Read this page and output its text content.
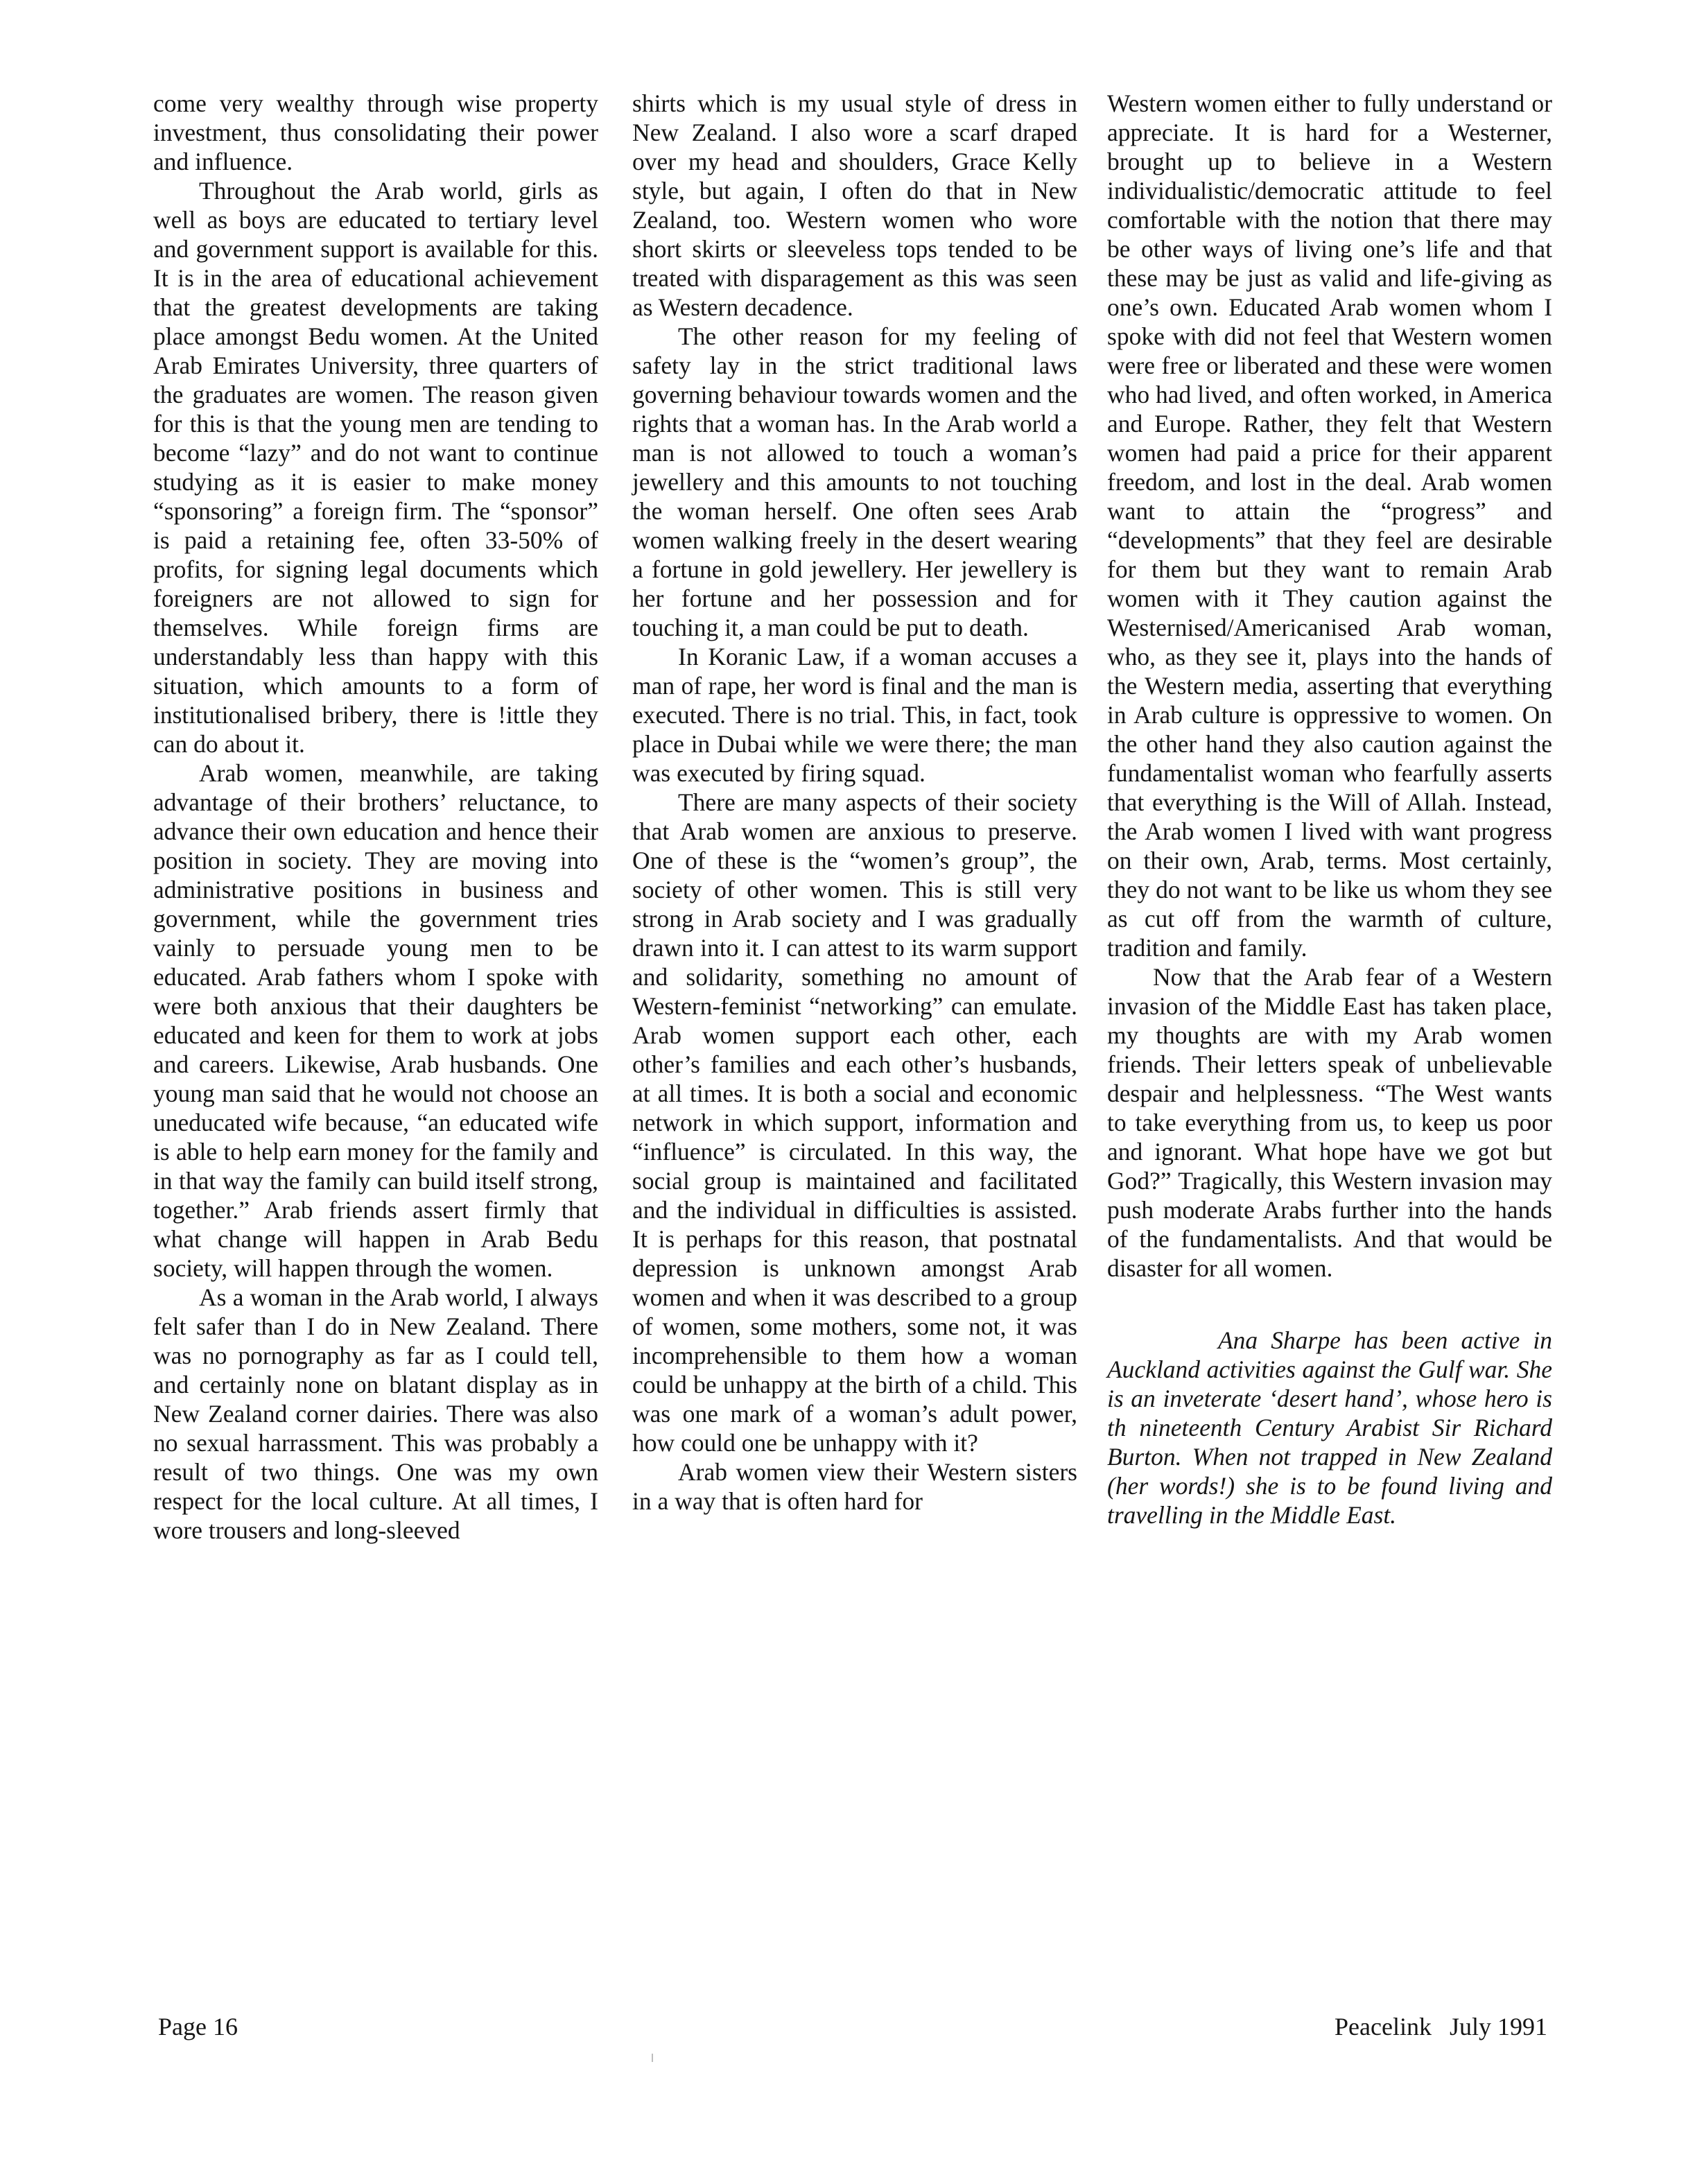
come very wealthy through wise property investment, thus consolidating their power and influence.

Throughout the Arab world, girls as well as boys are educated to tertiary level and government support is available for this. It is in the area of educational achievement that the greatest developments are taking place amongst Bedu women. At the United Arab Emirates University, three quarters of the graduates are women. The reason given for this is that the young men are tending to become “lazy” and do not want to continue studying as it is easier to make money “sponsoring” a foreign firm. The “sponsor” is paid a retaining fee, often 33-50% of profits, for signing legal documents which foreigners are not allowed to sign for themselves. While foreign firms are understandably less than happy with this situation, which amounts to a form of institutionalised bribery, there is !ittle they can do about it.

Arab women, meanwhile, are taking advantage of their brothers’ reluctance, to advance their own education and hence their position in society. They are moving into administrative positions in business and government, while the government tries vainly to persuade young men to be educated. Arab fathers whom I spoke with were both anxious that their daughters be educated and keen for them to work at jobs and careers. Likewise, Arab husbands. One young man said that he would not choose an uneducated wife because, “an educated wife is able to help earn money for the family and in that way the family can build itself strong, together.” Arab friends assert firmly that what change will happen in Arab Bedu society, will happen through the women.

As a woman in the Arab world, I always felt safer than I do in New Zealand. There was no pornography as far as I could tell, and certainly none on blatant display as in New Zealand corner dairies. There was also no sexual harrassment. This was probably a result of two things. One was my own respect for the local culture. At all times, I wore trousers and long-sleeved

shirts which is my usual style of dress in New Zealand. I also wore a scarf draped over my head and shoulders, Grace Kelly style, but again, I often do that in New Zealand, too. Western women who wore short skirts or sleeveless tops tended to be treated with disparagement as this was seen as Western decadence.

The other reason for my feeling of safety lay in the strict traditional laws governing behaviour towards women and the rights that a woman has. In the Arab world a man is not allowed to touch a woman’s jewellery and this amounts to not touching the woman herself. One often sees Arab women walking freely in the desert wearing a fortune in gold jewellery. Her jewellery is her fortune and her possession and for touching it, a man could be put to death.

In Koranic Law, if a woman accuses a man of rape, her word is final and the man is executed. There is no trial. This, in fact, took place in Dubai while we were there; the man was executed by firing squad.

There are many aspects of their society that Arab women are anxious to preserve. One of these is the “women’s group”, the society of other women. This is still very strong in Arab society and I was gradually drawn into it. I can attest to its warm support and solidarity, something no amount of Western-feminist “networking” can emulate. Arab women support each other, each other’s families and each other’s husbands, at all times. It is both a social and economic network in which support, information and “influence” is circulated. In this way, the social group is maintained and facilitated and the individual in difficulties is assisted. It is perhaps for this reason, that postnatal depression is unknown amongst Arab women and when it was described to a group of women, some mothers, some not, it was incomprehensible to them how a woman could be unhappy at the birth of a child. This was one mark of a woman’s adult power, how could one be unhappy with it?

Arab women view their Western sisters in a way that is often hard for

Western women either to fully understand or appreciate. It is hard for a Westerner, brought up to believe in a Western individualistic/democratic attitude to feel comfortable with the notion that there may be other ways of living one’s life and that these may be just as valid and life-giving as one’s own. Educated Arab women whom I spoke with did not feel that Western women were free or liberated and these were women who had lived, and often worked, in America and Europe. Rather, they felt that Western women had paid a price for their apparent freedom, and lost in the deal. Arab women want to attain the “progress” and “developments” that they feel are desirable for them but they want to remain Arab women with it They caution against the Westernised/Americanised Arab woman, who, as they see it, plays into the hands of the Western media, asserting that everything in Arab culture is oppressive to women. On the other hand they also caution against the fundamentalist woman who fearfully asserts that everything is the Will of Allah. Instead, the Arab women I lived with want progress on their own, Arab, terms. Most certainly, they do not want to be like us whom they see as cut off from the warmth of culture, tradition and family.

Now that the Arab fear of a Western invasion of the Middle East has taken place, my thoughts are with my Arab women friends. Their letters speak of unbelievable despair and helplessness. “The West wants to take everything from us, to keep us poor and ignorant. What hope have we got but God?” Tragically, this Western invasion may push moderate Arabs further into the hands of the fundamentalists. And that would be disaster for all women.

Ana Sharpe has been active in Auckland activities against the Gulf war. She is an inveterate ‘desert hand’, whose hero is th nineteenth Century Arabist Sir Richard Burton. When not trapped in New Zealand (her words!) she is to be found living and travelling in the Middle East.

Page 16	Peacelink July 1991
